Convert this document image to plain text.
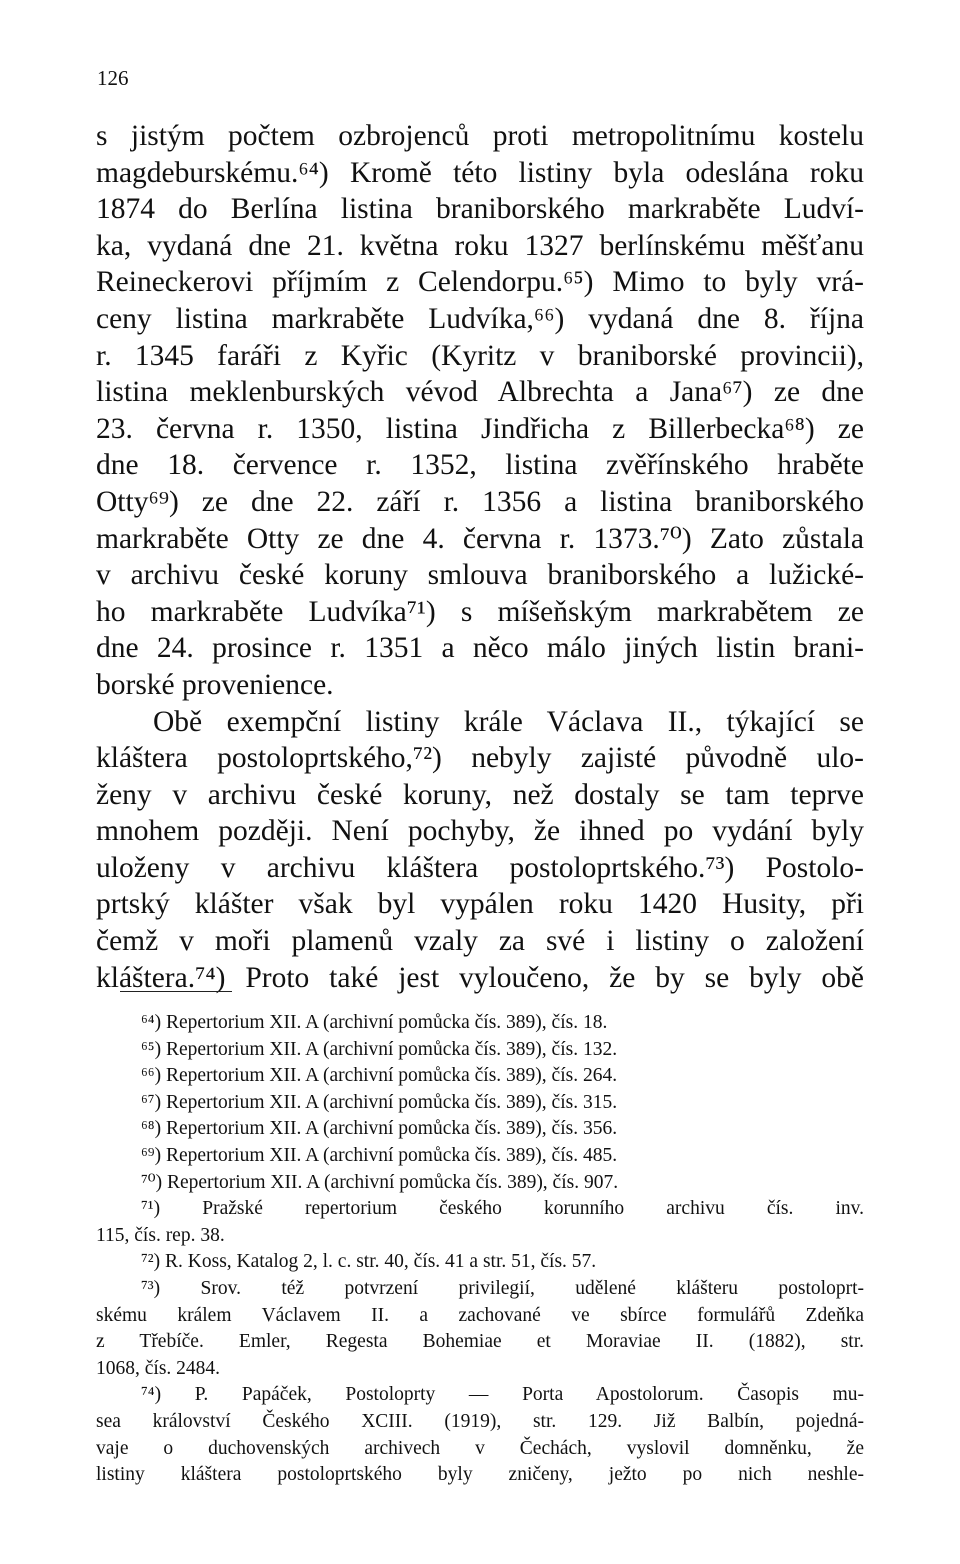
126
s jistým počtem ozbrojenců proti metropolitnímu kostelu
magdeburskému.⁶⁴) Kromě této listiny byla odeslána roku
1874 do Berlína listina braniborského markraběte Ludví-
ka, vydaná dne 21. května roku 1327 berlínskému měšťanu
Reineckerovi příjmím z Celendorpu.⁶⁵) Mimo to byly vrá-
ceny listina markraběte Ludvíka,⁶⁶) vydaná dne 8. října
r. 1345 faráři z Kyřic (Kyritz v braniborské provincii),
listina meklenburských vévod Albrechta a Jana⁶⁷) ze dne
23. června r. 1350, listina Jindřicha z Billerbecka⁶⁸) ze
dne 18. července r. 1352, listina zvěřínského hraběte
Otty⁶⁹) ze dne 22. září r. 1356 a listina braniborského
markraběte Otty ze dne 4. června r. 1373.⁷⁰) Zato zůstala
v archivu české koruny smlouva braniborského a lužické-
ho markraběte Ludvíka⁷¹) s míšeňským markrabětem ze
dne 24. prosince r. 1351 a něco málo jiných listin brani-
borské provenience.
Obě exempční listiny krále Václava II., týkající se
kláštera postoloprtského,⁷²) nebyly zajisté původně ulo-
ženy v archivu české koruny, než dostaly se tam teprve
mnohem později. Není pochyby, že ihned po vydání byly
uloženy v archivu kláštera postoloprtského.⁷³) Postolo-
prtský klášter však byl vypálen roku 1420 Husity, při
čemž v moři plamenů vzaly za své i listiny o založení
kláštera.⁷⁴) Proto také jest vyloučeno, že by se byly obě
⁶⁴) Repertorium XII. A (archivní pomůcka čís. 389), čís. 18.
⁶⁵) Repertorium XII. A (archivní pomůcka čís. 389), čís. 132.
⁶⁶) Repertorium XII. A (archivní pomůcka čís. 389), čís. 264.
⁶⁷) Repertorium XII. A (archivní pomůcka čís. 389), čís. 315.
⁶⁸) Repertorium XII. A (archivní pomůcka čís. 389), čís. 356.
⁶⁹) Repertorium XII. A (archivní pomůcka čís. 389), čís. 485.
⁷⁰) Repertorium XII. A (archivní pomůcka čís. 389), čís. 907.
⁷¹) Pražské repertorium českého korunního archivu čís. inv.
115, čís. rep. 38.
⁷²) R. Koss, Katalog 2, l. c. str. 40, čís. 41 a str. 51, čís. 57.
⁷³) Srov. též potvrzení privilegií, udělené klášteru postoloprt-
skému králem Václavem II. a zachované ve sbírce formulářů Zdeňka
z Třebíče. Emler, Regesta Bohemiae et Moraviae II. (1882), str.
1068, čís. 2484.
⁷⁴) P. Papáček, Postoloprty — Porta Apostolorum. Časopis mu-
sea království Českého XCIII. (1919), str. 129. Již Balbín, pojedná-
vaje o duchovenských archivech v Čechách, vyslovil domněnku, že
listiny kláštera postoloprtského byly zničeny, ježto po nich neshle-
